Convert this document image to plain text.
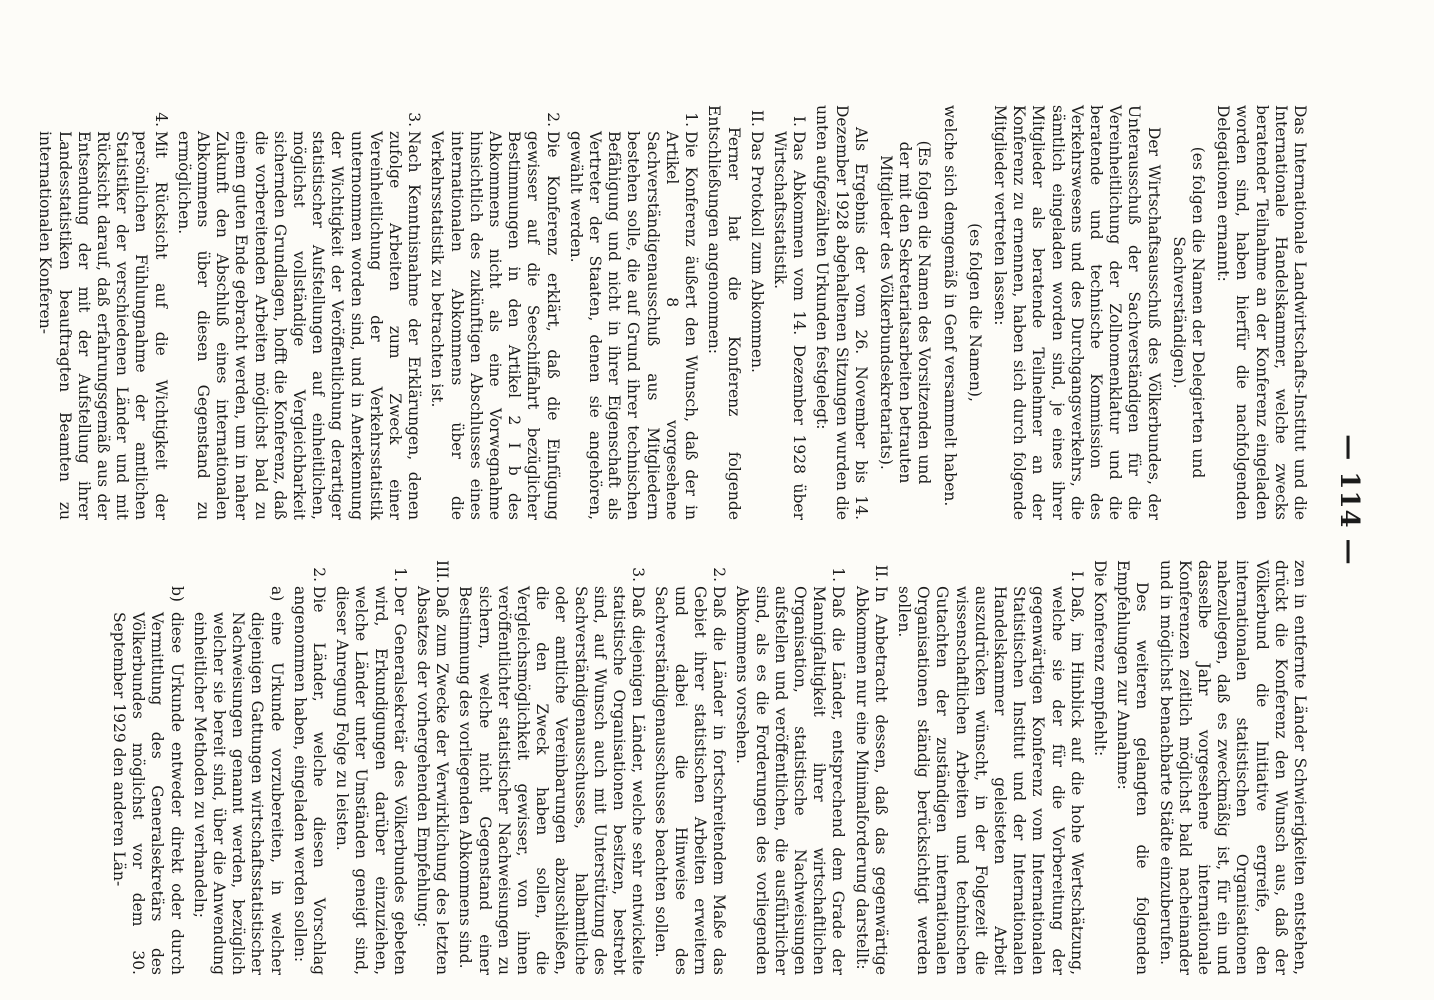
— 114 —

Das Internationale Landwirtschafts-Institut und die Internationale Handelskammer, welche zwecks beratender Teilnahme an der Konferenz eingeladen worden sind, haben hierfür die nachfolgenden Delegationen ernannt:

(es folgen die Namen der Delegierten und Sachverständigen).

Der Wirtschaftsausschuß des Völkerbundes, der Unterausschuß der Sachverständigen für die Vereinheitlichung der Zollnomenklatur und die beratende und technische Kommission des Verkehrswesens und des Durchgangsverkehrs, die sämtlich eingeladen worden sind, je eines ihrer Mitglieder als beratende Teilnehmer an der Konferenz zu ernennen, haben sich durch folgende Mitglieder vertreten lassen:

(es folgen die Namen),

welche sich demgemäß in Genf versammelt haben.

(Es folgen die Namen des Vorsitzenden und der mit den Sekretariatsarbeiten betrauten Mitglieder des Völkerbundsekretariats).

Als Ergebnis der vom 26. November bis 14. Dezember 1928 abgehaltenen Sitzungen wurden die unten aufgezählten Urkunden festgelegt:

I.
Das Abkommen vom 14. Dezember 1928 über Wirtschaftsstatistik.
II.
Das Protokoll zum Abkommen.

Ferner hat die Konferenz folgende Entschließungen angenommen:

1.
Die Konferenz äußert den Wunsch, daß der in Artikel 8 vorgesehene Sachverständigenausschuß aus Mitgliedern bestehen solle, die auf Grund ihrer technischen Befähigung und nicht in ihrer Eigenschaft als Vertreter der Staaten, denen sie angehören, gewählt werden.
2.
Die Konferenz erklärt, daß die Einfügung gewisser auf die Seeschiffahrt bezüglicher Bestimmungen in den Artikel 2 I b des Abkommens nicht als eine Vorwegnahme hinsichtlich des zukünftigen Abschlusses eines internationalen Abkommens über die Verkehrsstatistik zu betrachten ist.
3.
Nach Kenntnisnahme der Erklärungen, denen zufolge Arbeiten zum Zweck einer Vereinheitlichung der Verkehrsstatistik unternommen worden sind, und in Anerkennung der Wichtigkeit der Veröffentlichung derartiger statistischer Aufstellungen auf einheitlichen, möglichst vollständige Vergleichbarkeit sichernden Grundlagen, hofft die Konferenz, daß die vorbereitenden Arbeiten möglichst bald zu einem guten Ende gebracht werden, um in naher Zukunft den Abschluß eines internationalen Abkommens über diesen Gegenstand zu ermöglichen.
4.
Mit Rücksicht auf die Wichtigkeit der persönlichen Fühlungnahme der amtlichen Statistiker der verschiedenen Länder und mit Rücksicht darauf, daß erfahrungsgemäß aus der Entsendung der mit der Aufstellung ihrer Landesstatistiken beauftragten Beamten zu internationalen Konferen-

zen in entfernte Länder Schwierigkeiten entstehen, drückt die Konferenz den Wunsch aus, daß der Völkerbund die Initiative ergreife, den internationalen statistischen Organisationen nahezulegen, daß es zweckmäßig ist, für ein und dasselbe Jahr vorgesehene internationale Konferenzen zeitlich möglichst bald nacheinander und in möglichst benachbarte Städte einzuberufen.

Des weiteren gelangten die folgenden Empfehlungen zur Annahme:

Die Konferenz empfiehlt:

I.
Daß, im Hinblick auf die hohe Wertschätzung, welche sie der für die Vorbereitung der gegenwärtigen Konferenz vom Internationalen Statistischen Institut und der Internationalen Handelskammer geleisteten Arbeit auszudrücken wünscht, in der Folgezeit die wissenschaftlichen Arbeiten und technischen Gutachten der zuständigen internationalen Organisationen ständig berücksichtigt werden sollen.
II.
In Anbetracht dessen, daß das gegenwärtige Abkommen nur eine Minimalforderung darstellt:
1.
Daß die Länder, entsprechend dem Grade der Mannigfaltigkeit ihrer wirtschaftlichen Organisation, statistische Nachweisungen aufstellen und veröffentlichen, die ausführlicher sind, als es die Forderungen des vorliegenden Abkommens vorsehen.
2.
Daß die Länder in fortschreitendem Maße das Gebiet ihrer statistischen Arbeiten erweitern und dabei die Hinweise des Sachverständigenausschusses beachten sollen.
3.
Daß diejenigen Länder, welche sehr entwickelte statistische Organisationen besitzen, bestrebt sind, auf Wunsch auch mit Unterstützung des Sachverständigenausschusses, halbamtliche oder amtliche Vereinbarungen abzuschließen, die den Zweck haben sollen, die Vergleichsmöglichkeit gewisser, von ihnen veröffentlichter statistischer Nachweisungen zu sichern, welche nicht Gegenstand einer Bestimmung des vorliegenden Abkommens sind.
III.
Daß zum Zwecke der Verwirklichung des letzten Absatzes der vorhergehenden Empfehlung:
1.
Der Generalsekretär des Völkerbundes gebeten wird, Erkundigungen darüber einzuziehen, welche Länder unter Umständen geneigt sind, dieser Anregung Folge zu leisten.
2.
Die Länder, welche diesen Vorschlag angenommen haben, eingeladen werden sollen:
a)
eine Urkunde vorzubereiten, in welcher diejenigen Gattungen wirtschaftsstatistischer Nachweisungen genannt werden, bezüglich welcher sie bereit sind, über die Anwendung einheitlicher Methoden zu verhandeln;
b)
diese Urkunde entweder direkt oder durch Vermittlung des Generalsekretärs des Völkerbundes möglichst vor dem 30. September 1929 den anderen Län-
